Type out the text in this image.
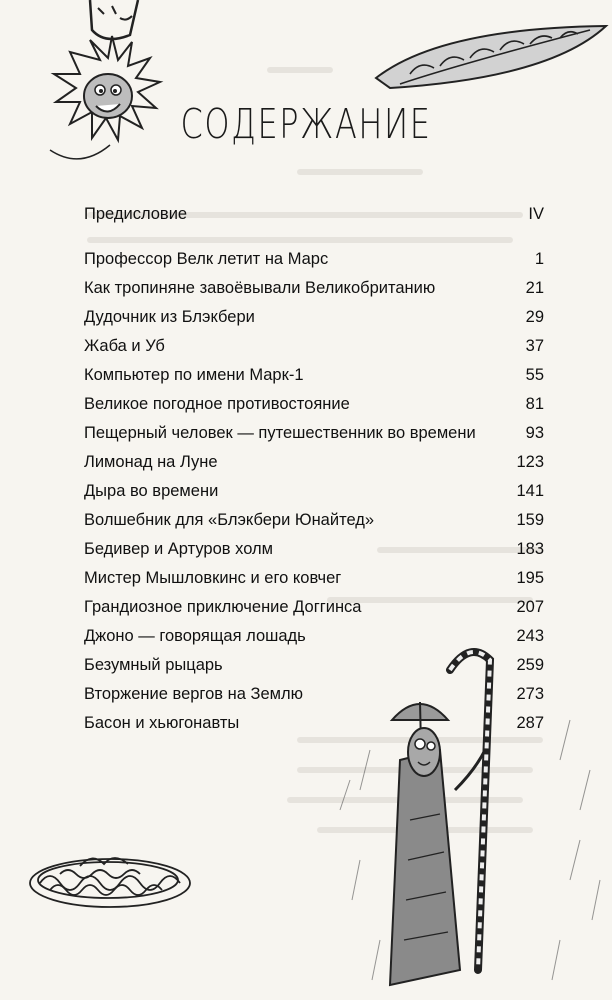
СОДЕРЖАНИЕ
Предисловие	IV
Профессор Велк летит на Марс	1
Как тропиняне завоёвывали Великобританию	21
Дудочник из Блэкбери	29
Жаба и Уб	37
Компьютер по имени Марк-1	55
Великое погодное противостояние	81
Пещерный человек — путешественник во времени	93
Лимонад на Луне	123
Дыра во времени	141
Волшебник для «Блэкбери Юнайтед»	159
Бедивер и Артуров холм	183
Мистер Мышловкинс и его ковчег	195
Грандиозное приключение Доггинса	207
Джоно — говорящая лошадь	243
Безумный рыцарь	259
Вторжение вергов на Землю	273
Басон и хьюгонавты	287
